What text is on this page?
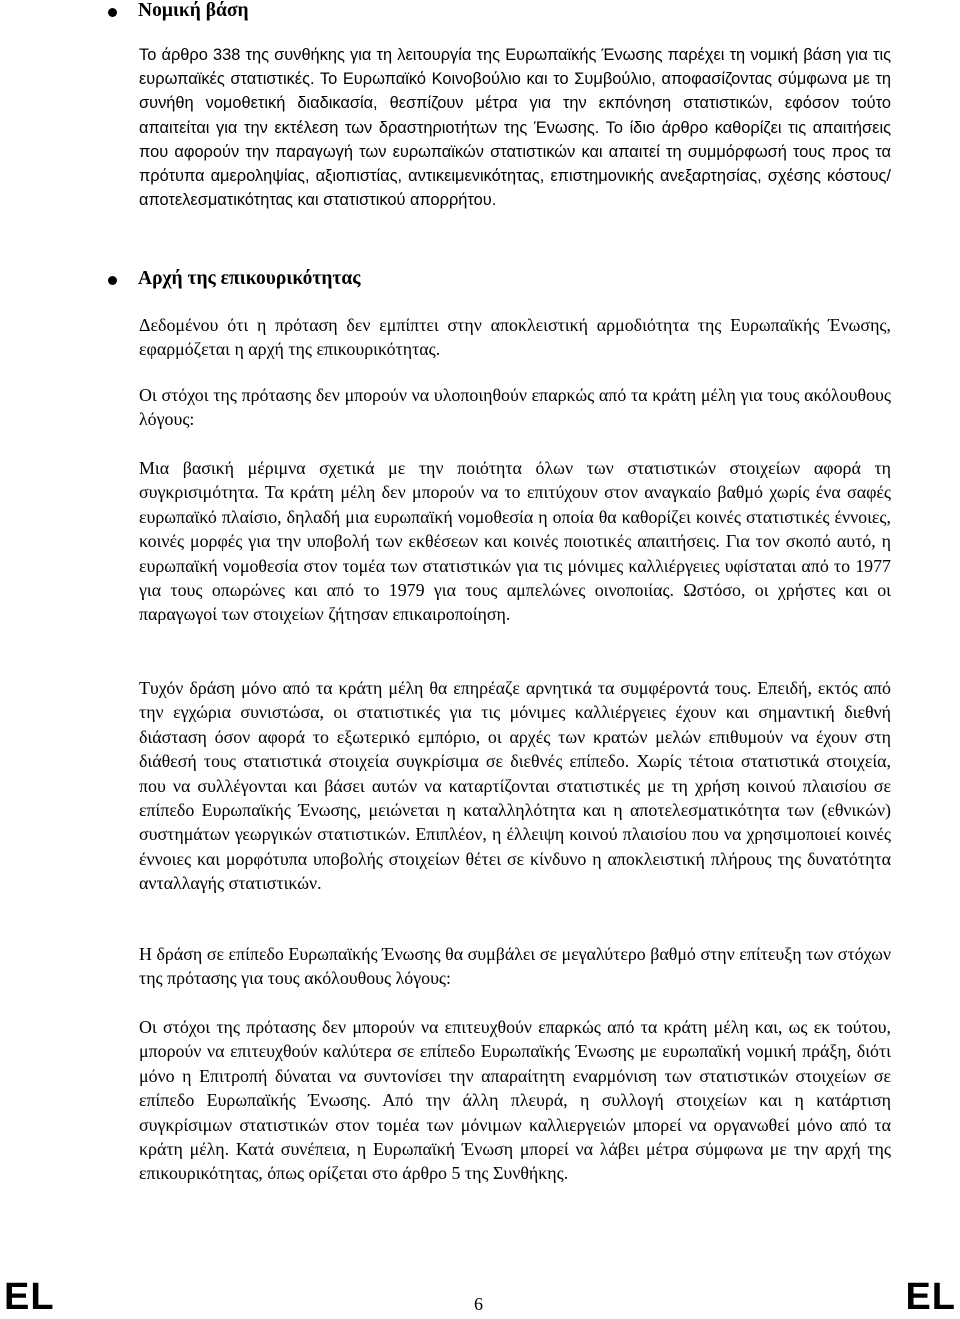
Νομική βάση

Το άρθρο 338 της συνθήκης για τη λειτουργία της Ευρωπαϊκής Ένωσης παρέχει τη νομική βάση για τις ευρωπαϊκές στατιστικές. Το Ευρωπαϊκό Κοινοβούλιο και το Συμβούλιο, αποφασίζοντας σύμφωνα με τη συνήθη νομοθετική διαδικασία, θεσπίζουν μέτρα για την εκπόνηση στατιστικών, εφόσον τούτο απαιτείται για την εκτέλεση των δραστηριοτήτων της Ένωσης. Το ίδιο άρθρο καθορίζει τις απαιτήσεις που αφορούν την παραγωγή των ευρωπαϊκών στατιστικών και απαιτεί τη συμμόρφωσή τους προς τα πρότυπα αμεροληψίας, αξιοπιστίας, αντικειμενικότητας, επιστημονικής ανεξαρτησίας, σχέσης κόστους/αποτελεσματικότητας και στατιστικού απορρήτου.

Αρχή της επικουρικότητας

Δεδομένου ότι η πρόταση δεν εμπίπτει στην αποκλειστική αρμοδιότητα της Ευρωπαϊκής Ένωσης, εφαρμόζεται η αρχή της επικουρικότητας.

Οι στόχοι της πρότασης δεν μπορούν να υλοποιηθούν επαρκώς από τα κράτη μέλη για τους ακόλουθους λόγους:

Μια βασική μέριμνα σχετικά με την ποιότητα όλων των στατιστικών στοιχείων αφορά τη συγκρισιμότητα. Τα κράτη μέλη δεν μπορούν να το επιτύχουν στον αναγκαίο βαθμό χωρίς ένα σαφές ευρωπαϊκό πλαίσιο, δηλαδή μια ευρωπαϊκή νομοθεσία η οποία θα καθορίζει κοινές στατιστικές έννοιες, κοινές μορφές για την υποβολή των εκθέσεων και κοινές ποιοτικές απαιτήσεις. Για τον σκοπό αυτό, η ευρωπαϊκή νομοθεσία στον τομέα των στατιστικών για τις μόνιμες καλλιέργειες υφίσταται από το 1977 για τους οπωρώνες και από το 1979 για τους αμπελώνες οινοποιίας. Ωστόσο, οι χρήστες και οι παραγωγοί των στοιχείων ζήτησαν επικαιροποίηση.

Τυχόν δράση μόνο από τα κράτη μέλη θα επηρέαζε αρνητικά τα συμφέροντά τους. Επειδή, εκτός από την εγχώρια συνιστώσα, οι στατιστικές για τις μόνιμες καλλιέργειες έχουν και σημαντική διεθνή διάσταση όσον αφορά το εξωτερικό εμπόριο, οι αρχές των κρατών μελών επιθυμούν να έχουν στη διάθεσή τους στατιστικά στοιχεία συγκρίσιμα σε διεθνές επίπεδο. Χωρίς τέτοια στατιστικά στοιχεία, που να συλλέγονται και βάσει αυτών να καταρτίζονται στατιστικές με τη χρήση κοινού πλαισίου σε επίπεδο Ευρωπαϊκής Ένωσης, μειώνεται η καταλληλότητα και η αποτελεσματικότητα των (εθνικών) συστημάτων γεωργικών στατιστικών. Επιπλέον, η έλλειψη κοινού πλαισίου που να χρησιμοποιεί κοινές έννοιες και μορφότυπα υποβολής στοιχείων θέτει σε κίνδυνο η αποκλειστική πλήρους της δυνατότητα ανταλλαγής στατιστικών.

Η δράση σε επίπεδο Ευρωπαϊκής Ένωσης θα συμβάλει σε μεγαλύτερο βαθμό στην επίτευξη των στόχων της πρότασης για τους ακόλουθους λόγους:

Οι στόχοι της πρότασης δεν μπορούν να επιτευχθούν επαρκώς από τα κράτη μέλη και, ως εκ τούτου, μπορούν να επιτευχθούν καλύτερα σε επίπεδο Ευρωπαϊκής Ένωσης με ευρωπαϊκή νομική πράξη, διότι μόνο η Επιτροπή δύναται να συντονίσει την απαραίτητη εναρμόνιση των στατιστικών στοιχείων σε επίπεδο Ευρωπαϊκής Ένωσης. Από την άλλη πλευρά, η συλλογή στοιχείων και η κατάρτιση συγκρίσιμων στατιστικών στον τομέα των μόνιμων καλλιεργειών μπορεί να οργανωθεί μόνο από τα κράτη μέλη. Κατά συνέπεια, η Ευρωπαϊκή Ένωση μπορεί να λάβει μέτρα σύμφωνα με την αρχή της επικουρικότητας, όπως ορίζεται στο άρθρο 5 της Συνθήκης.

EL	6	EL
